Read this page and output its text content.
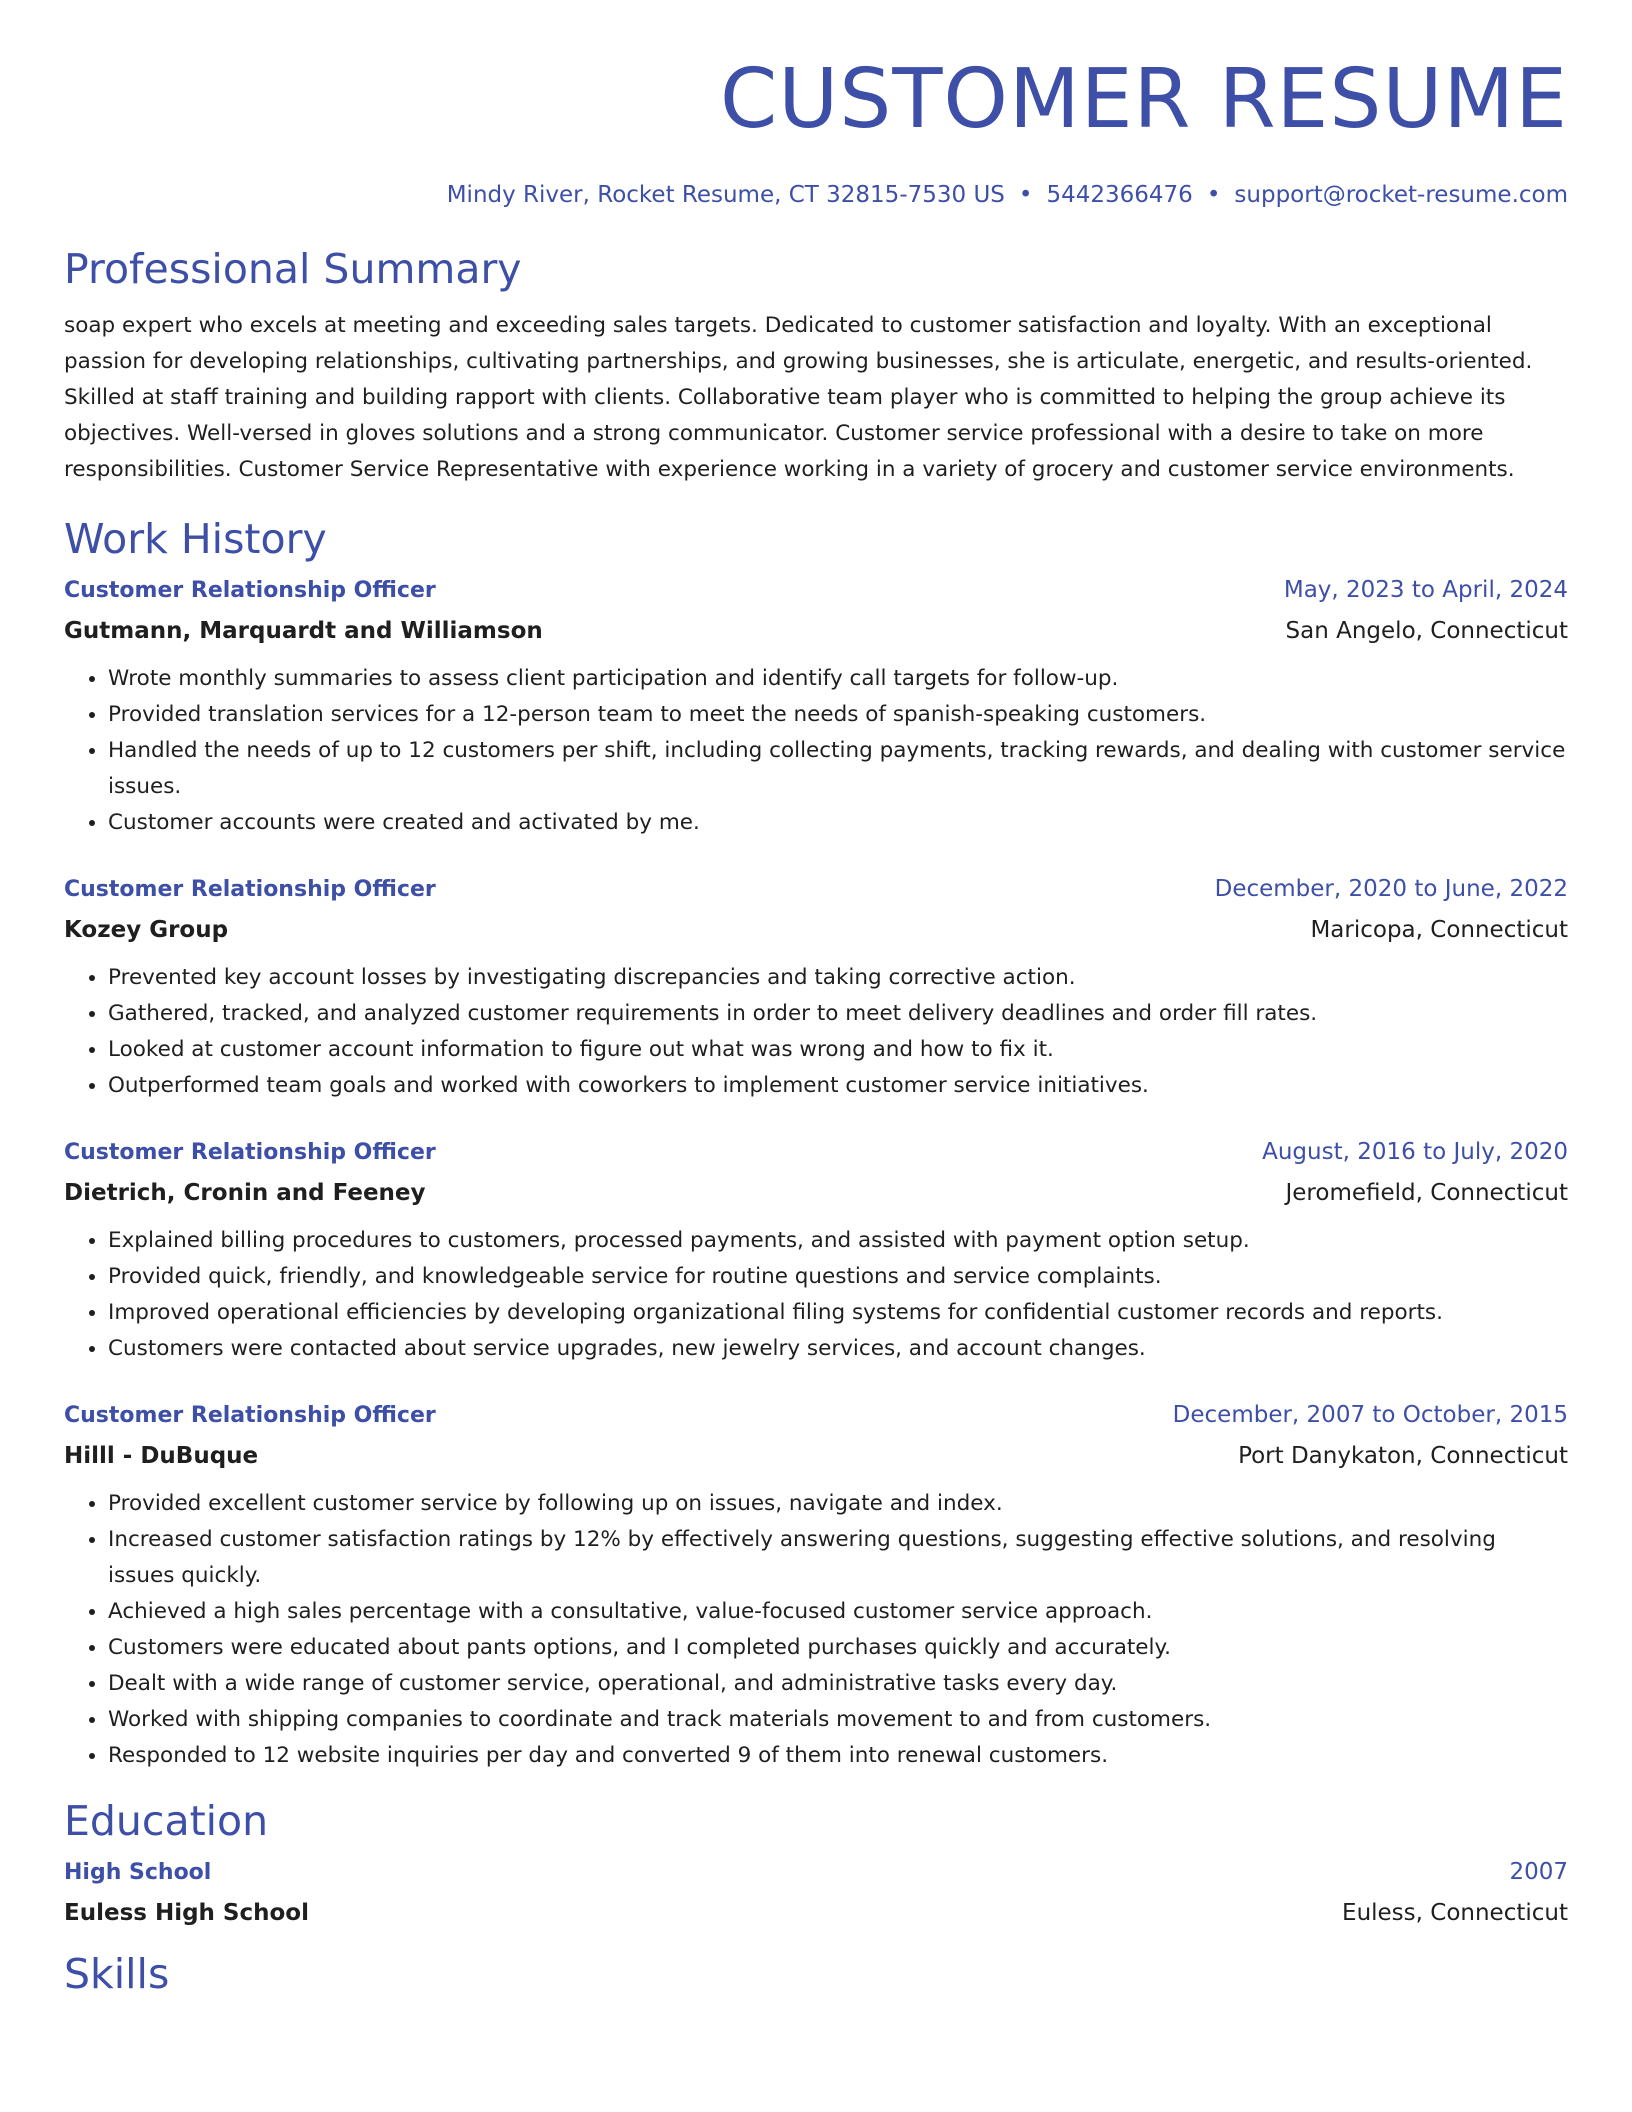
CUSTOMER RESUME
Mindy River, Rocket Resume, CT 32815-7530 US • 5442366476 • support@rocket-resume.com
Professional Summary
soap expert who excels at meeting and exceeding sales targets. Dedicated to customer satisfaction and loyalty. With an exceptional passion for developing relationships, cultivating partnerships, and growing businesses, she is articulate, energetic, and results-oriented. Skilled at staff training and building rapport with clients. Collaborative team player who is committed to helping the group achieve its objectives. Well-versed in gloves solutions and a strong communicator. Customer service professional with a desire to take on more responsibilities. Customer Service Representative with experience working in a variety of grocery and customer service environments.
Work History
Customer Relationship Officer	May, 2023 to April, 2024
Gutmann, Marquardt and Williamson	San Angelo, Connecticut
• Wrote monthly summaries to assess client participation and identify call targets for follow-up.
• Provided translation services for a 12-person team to meet the needs of spanish-speaking customers.
• Handled the needs of up to 12 customers per shift, including collecting payments, tracking rewards, and dealing with customer service issues.
• Customer accounts were created and activated by me.
Customer Relationship Officer	December, 2020 to June, 2022
Kozey Group	Maricopa, Connecticut
• Prevented key account losses by investigating discrepancies and taking corrective action.
• Gathered, tracked, and analyzed customer requirements in order to meet delivery deadlines and order fill rates.
• Looked at customer account information to figure out what was wrong and how to fix it.
• Outperformed team goals and worked with coworkers to implement customer service initiatives.
Customer Relationship Officer	August, 2016 to July, 2020
Dietrich, Cronin and Feeney	Jeromefield, Connecticut
• Explained billing procedures to customers, processed payments, and assisted with payment option setup.
• Provided quick, friendly, and knowledgeable service for routine questions and service complaints.
• Improved operational efficiencies by developing organizational filing systems for confidential customer records and reports.
• Customers were contacted about service upgrades, new jewelry services, and account changes.
Customer Relationship Officer	December, 2007 to October, 2015
Hilll - DuBuque	Port Danykaton, Connecticut
• Provided excellent customer service by following up on issues, navigate and index.
• Increased customer satisfaction ratings by 12% by effectively answering questions, suggesting effective solutions, and resolving issues quickly.
• Achieved a high sales percentage with a consultative, value-focused customer service approach.
• Customers were educated about pants options, and I completed purchases quickly and accurately.
• Dealt with a wide range of customer service, operational, and administrative tasks every day.
• Worked with shipping companies to coordinate and track materials movement to and from customers.
• Responded to 12 website inquiries per day and converted 9 of them into renewal customers.
Education
High School	2007
Euless High School	Euless, Connecticut
Skills
